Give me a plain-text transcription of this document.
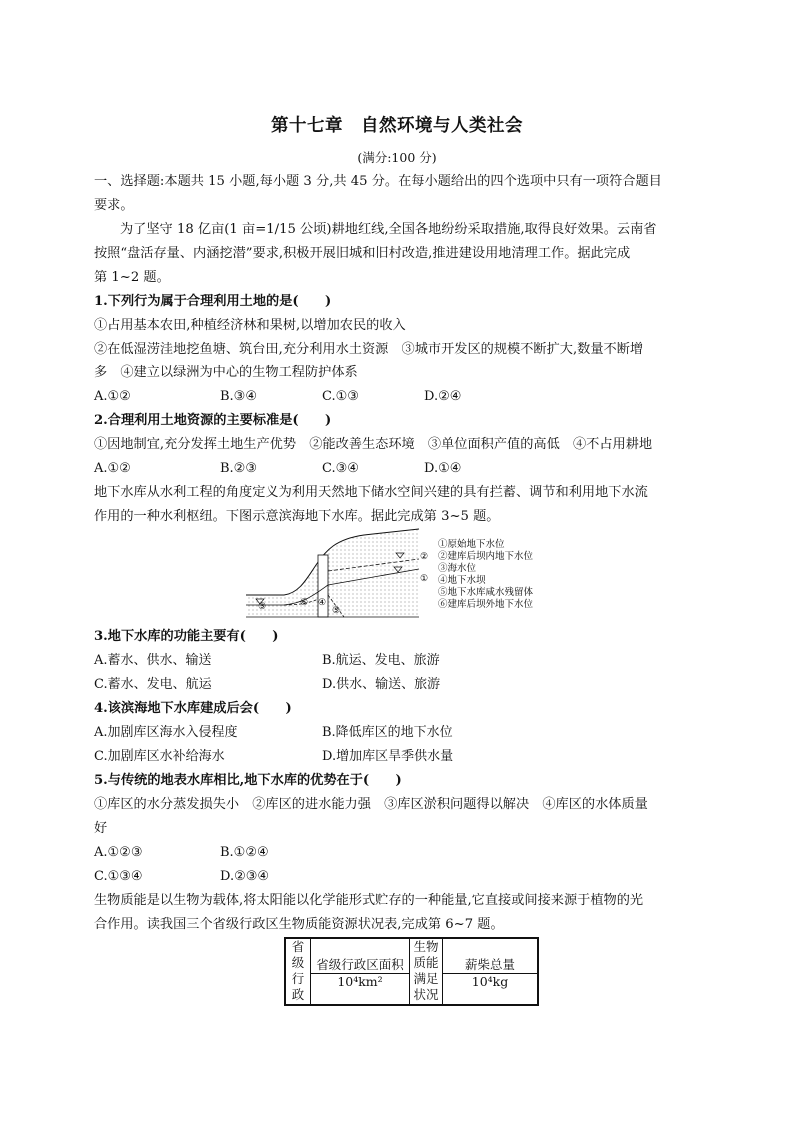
第十七章　自然环境与人类社会
(满分:100 分)
一、选择题:本题共 15 小题,每小题 3 分,共 45 分。在每小题给出的四个选项中只有一项符合题目
要求。
为了坚守 18 亿亩(1 亩=1/15 公顷)耕地红线,全国各地纷纷采取措施,取得良好效果。云南省
按照“盘活存量、内涵挖潜”要求,积极开展旧城和旧村改造,推进建设用地清理工作。据此完成
第 1~2 题。
1.下列行为属于合理利用土地的是(　　)
①占用基本农田,种植经济林和果树,以增加农民的收入
②在低湿涝洼地挖鱼塘、筑台田,充分利用水土资源　③城市开发区的规模不断扩大,数量不断增
多　④建立以绿洲为中心的生物工程防护体系
A.①②	B.③④	C.①③	D.②④
2.合理利用土地资源的主要标准是(　　)
①因地制宜,充分发挥土地生产优势　②能改善生态环境　③单位面积产值的高低　④不占用耕地
A.①②	B.②③	C.③④	D.①④
地下水库从水利工程的角度定义为利用天然地下储水空间兴建的具有拦蓄、调节和利用地下水流
作用的一种水利枢纽。下图示意滨海地下水库。据此完成第 3~5 题。
②
①
③	⑥ ④
⑤
①原始地下水位
②建库后坝内地下水位
③海水位
④地下水坝
⑤地下水库咸水残留体
⑥建库后坝外地下水位
3.地下水库的功能主要有(　　)
A.蓄水、供水、输送	B.航运、发电、旅游
C.蓄水、发电、航运	D.供水、输送、旅游
4.该滨海地下水库建成后会(　　)
A.加剧库区海水入侵程度	B.降低库区的地下水位
C.加剧库区水补给海水	D.增加库区旱季供水量
5.与传统的地表水库相比,地下水库的优势在于(　　)
①库区的水分蒸发损失小　②库区的进水能力强　③库区淤积问题得以解决　④库区的水体质量
好
A.①②③	B.①②④
C.①③④	D.②③④
生物质能是以生物为载体,将太阳能以化学能形式贮存的一种能量,它直接或间接来源于植物的光
合作用。读我国三个省级行政区生物质能资源状况表,完成第 6~7 题。
省级行政	省级行政区面积	生物质能满足状况	薪柴总量
	10⁴km²		10⁴kg
